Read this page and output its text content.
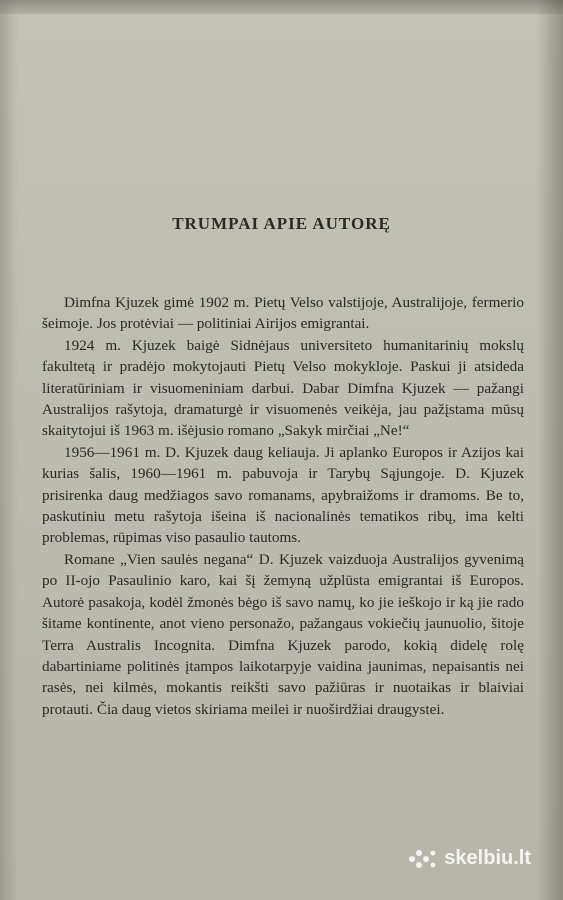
TRUMPAI APIE AUTORĘ

Dimfna Kjuzek gimė 1902 m. Pietų Velso valstijoje, Australijoje, fermerio šeimoje. Jos protėviai — politiniai Airijos emigrantai.

1924 m. Kjuzek baigė Sidnėjaus universiteto humanitarinių mokslų fakultetą ir pradėjo mokytojauti Pietų Velso mokykloje. Paskui ji atsideda literatūriniam ir visuomeniniam darbui. Dabar Dimfna Kjuzek — pažangi Australijos rašytoja, dramaturgė ir visuomenės veikėja, jau pažįstama mūsų skaitytojui iš 1963 m. išėjusio romano „Sakyk mirčiai „Ne!“

1956—1961 m. D. Kjuzek daug keliauja. Ji aplanko Europos ir Azijos kai kurias šalis, 1960—1961 m. pabuvoja ir Tarybų Sąjungoje. D. Kjuzek prisirenka daug medžiagos savo romanams, apybraižoms ir dramoms. Be to, paskutiniu metu rašytoja išeina iš nacionalinės tematikos ribų, ima kelti problemas, rūpimas viso pasaulio tautoms.

Romane „Vien saulės negana“ D. Kjuzek vaizduoja Australijos gyvenimą po II-ojo Pasaulinio karo, kai šį žemyną užplūsta emigrantai iš Europos. Autorė pasakoja, kodėl žmonės bėgo iš savo namų, ko jie ieškojo ir ką jie rado šitame kontinente, anot vieno personažo, pažangaus vokiečių jaunuolio, šitoje Terra Australis Incognita. Dimfna Kjuzek parodo, kokią didelę rolę dabartiniame politinės įtampos laikotarpyje vaidina jaunimas, nepaisantis nei rasės, nei kilmės, mokantis reikšti savo pažiūras ir nuotaikas ir blaiviai protauti. Čia daug vietos skiriama meilei ir nuoširdžiai draugystei.

skelbiu.lt
